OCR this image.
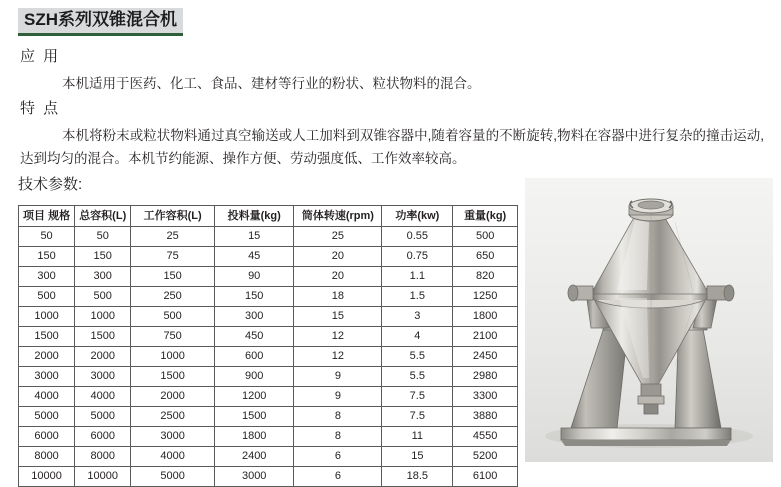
SZH系列双锥混合机
应 用
本机适用于医药、化工、食品、建材等行业的粉状、粒状物料的混合。
特 点
本机将粉末或粒状物料通过真空输送或人工加料到双锥容器中,随着容量的不断旋转,物料在容器中进行复杂的撞击运动,达到均匀的混合。本机节约能源、操作方便、劳动强度低、工作效率较高。
技术参数:
项目 规格	总容积(L)	工作容积(L)	投料量(kg)	筒体转速(rpm)	功率(kw)	重量(kg)
50	50	25	15	25	0.55	500
150	150	75	45	20	0.75	650
300	300	150	90	20	1.1	820
500	500	250	150	18	1.5	1250
1000	1000	500	300	15	3	1800
1500	1500	750	450	12	4	2100
2000	2000	1000	600	12	5.5	2450
3000	3000	1500	900	9	5.5	2980
4000	4000	2000	1200	9	7.5	3300
5000	5000	2500	1500	8	7.5	3880
6000	6000	3000	1800	8	11	4550
8000	8000	4000	2400	6	15	5200
10000	10000	5000	3000	6	18.5	6100
